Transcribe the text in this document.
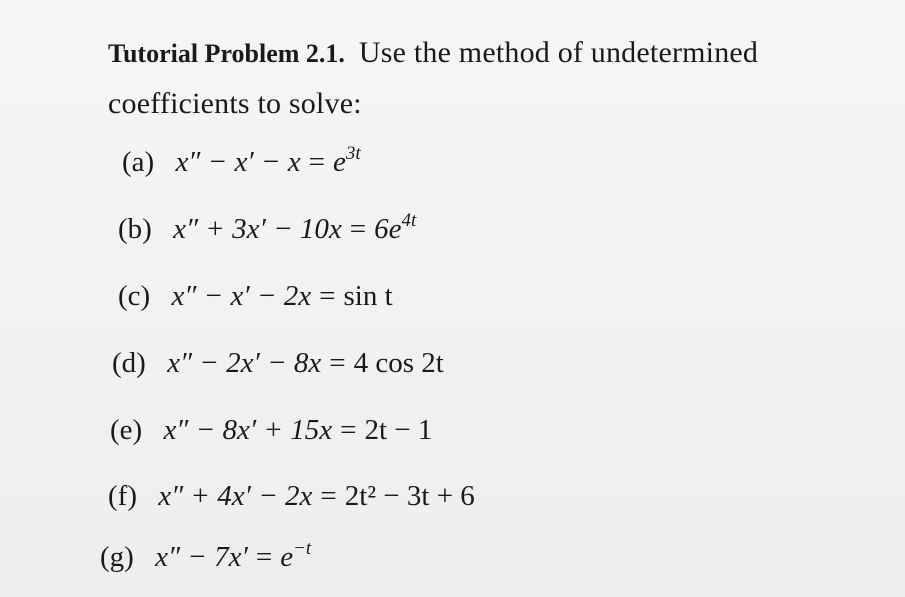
Tutorial Problem 2.1. Use the method of undetermined
coefficients to solve:
(a) $x'' - x' - x = e^{3t}$
(b) $x'' + 3x' - 10x = 6e^{4t}$
(c) x″ − x′ − 2x = sin t
(d) x″ − 2x′ − 8x = 4 cos 2t
(e) x″ − 8x′ + 15x = 2t − 1
(f) x″ + 4x′ − 2x = 2t² − 3t + 6
(g) $x'' - 7x' = e^{-t}$
